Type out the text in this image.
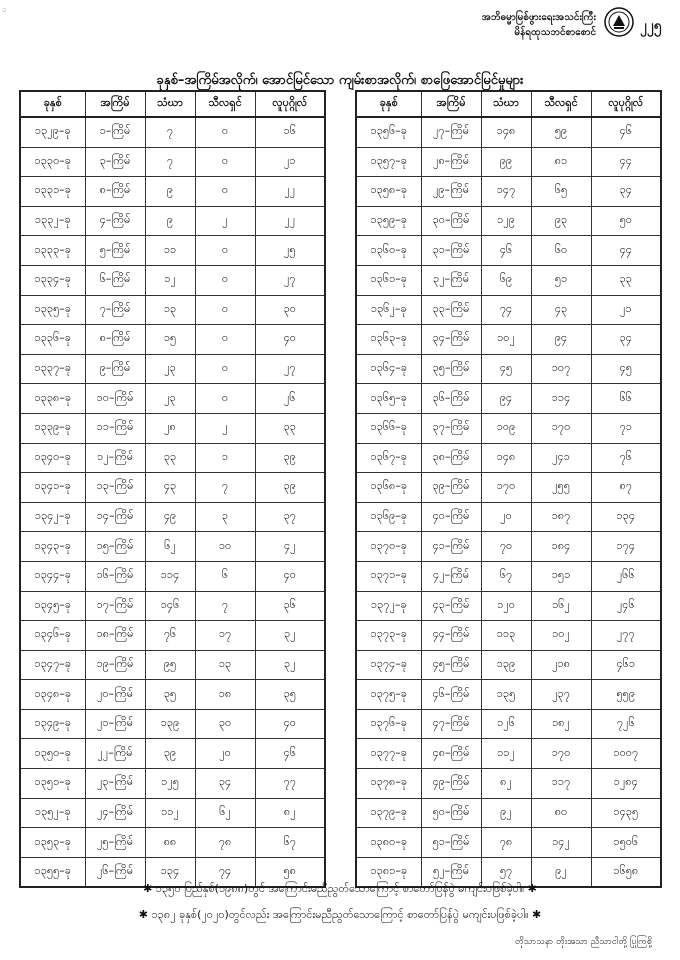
၁
အဘိဓမ္မာမြစ်ဖွားရေးအသင်းကြီး
မိန်ရထုသဘင်စာစောင်	၂၂၅
ခုနှစ်–အကြိမ်အလိုက်၊ အောင်မြင်သော ကျမ်းစာအလိုက်၊ စာဖြေအောင်မြင်မှုများ
ခုနှစ်	အကြိမ်	သံဃာ	သီလရှင်	လူပုဂ္ဂိုလ်
၁၃၂၉–ခု	၁–ကြိမ်	၇	၀	၁၆
၁၃၃၀–ခု	၃–ကြိမ်	၇	၀	၂၁
၁၃၃၁–ခု	၈–ကြိမ်	၉	၀	၂၂
၁၃၃၂–ခု	၄–ကြိမ်	၉	၂	၂၂
၁၃၃၃–ခု	၅–ကြိမ်	၁၁	၀	၂၅
၁၃၃၄–ခု	၆–ကြိမ်	၁၂	၀	၂၇
၁၃၃၅–ခု	၇–ကြိမ်	၁၃	၀	၃၀
၁၃၃၆–ခု	၈–ကြိမ်	၁၅	၀	၄၀
၁၃၃၇–ခု	၉–ကြိမ်	၂၃	၀	၂၇
၁၃၃၈–ခု	၁၀–ကြိမ်	၂၃	၀	၂၆
၁၃၃၉–ခု	၁၁–ကြိမ်	၂၈	၂	၃၃
၁၃၄၀–ခု	၁၂–ကြိမ်	၃၃	၁	၃၉
၁၃၄၁–ခု	၁၃–ကြိမ်	၄၃	၇	၃၉
၁၃၄၂–ခု	၁၄–ကြိမ်	၄၉	၃	၃၇
၁၃၄၃–ခု	၁၅–ကြိမ်	၆၂	၁၀	၄၂
၁၃၄၄–ခု	၁၆–ကြိမ်	၁၁၄	၆	၄၀
၁၃၄၅–ခု	၁၇–ကြိမ်	၁၄၆	၇	၃၆
၁၃၄၆–ခု	၁၈–ကြိမ်	၇၆	၁၇	၃၂
၁၃၄၇–ခု	၁၉–ကြိမ်	၉၅	၁၃	၃၂
၁၃၄၈–ခု	၂၀–ကြိမ်	၃၅	၁၈	၃၅
၁၃၄၉–ခု	၂၁–ကြိမ်	၁၃၉	၃၀	၄၀
၁၃၅၀–ခု	၂၂–ကြိမ်	၃၉	၂၀	၄၆
၁၃၅၁–ခု	၂၃–ကြိမ်	၁၂၅	၃၄	၇၇
၁၃၅၂–ခု	၂၄–ကြိမ်	၁၁၂	၆၂	၈၂
၁၃၅၃–ခု	၂၅–ကြိမ်	၈၈	၇၈	၆၇
၁၃၅၅–ခု	၂၆–ကြိမ်	၁၃၄	၇၄	၅၈
ခုနှစ်	အကြိမ်	သံဃာ	သီလရှင်	လူပုဂ္ဂိုလ်
၁၃၅၆–ခု	၂၇–ကြိမ်	၁၄၈	၅၉	၄၆
၁၃၅၇–ခု	၂၈–ကြိမ်	၉၉	၈၁	၄၄
၁၃၅၈–ခု	၂၉–ကြိမ်	၁၄၇	၆၅	၃၄
၁၃၅၉–ခု	၃၀–ကြိမ်	၁၂၉	၉၃	၅၀
၁၃၆၀–ခု	၃၁–ကြိမ်	၄၆	၆၀	၄၄
၁၃၆၁–ခု	၃၂–ကြိမ်	၆၉	၅၁	၃၃
၁၃၆၂–ခု	၃၃–ကြိမ်	၇၄	၄၃	၂၁
၁၃၆၃–ခု	၃၄–ကြိမ်	၁၀၂	၉၄	၃၄
၁၃၆၄–ခု	၃၅–ကြိမ်	၄၅	၁၀၇	၄၅
၁၃၆၅–ခု	၃၆–ကြိမ်	၉၄	၁၁၄	၆၆
၁၃၆၆–ခု	၃၇–ကြိမ်	၁၀၉	၁၇၀	၇၁
၁၃၆၇–ခု	၃၈–ကြိမ်	၁၄၈	၂၄၁	၇၆
၁၃၆၈–ခု	၃၉–ကြိမ်	၁၇၀	၂၅၅	၈၇
၁၃၆၉–ခု	၄၀–ကြိမ်	၂၀	၁၈၇	၁၃၄
၁၃၇၀–ခု	၄၁–ကြိမ်	၇၀	၁၈၄	၁၇၄
၁၃၇၁–ခု	၄၂–ကြိမ်	၆၇	၁၅၁	၂၆၆
၁၃၇၂–ခု	၄၃–ကြိမ်	၁၂၀	၁၆၂	၂၄၆
၁၃၇၃–ခု	၄၄–ကြိမ်	၁၁၃	၁၀၂	၂၇၇
၁၃၇၄–ခု	၄၅–ကြိမ်	၁၃၉	၂၁၈	၄၆၁
၁၃၇၅–ခု	၄၆–ကြိမ်	၁၃၅	၂၃၇	၅၅၉
၁၃၇၆–ခု	၄၇–ကြိမ်	၁၂၆	၁၈၂	၇၂၆
၁၃၇၇–ခု	၄၈–ကြိမ်	၁၁၂	၁၇၀	၁၀၀၇
၁၃၇၈–ခု	၄၉–ကြိမ်	၈၂	၁၁၇	၁၂၈၄
၁၃၇၉–ခု	၅၀–ကြိမ်	၉၂	၈၀	၁၄၃၅
၁၃၈၀–ခု	၅၁–ကြိမ်	၇၈	၁၄၂	၁၅၀၆
၁၃၈၁–ခု	၅၂–ကြိမ်	၅၇	၉၂	၁၆၅၈
✱ ၁၃၅၀ ပြည်နှစ်(၁၉၈၈)တွင် အကြောင်းမညီညွတ်သောကြောင့် စာတော်ပြန်ပွဲ မကျင်းပဖြစ်ခဲ့ပါ။ ✱
✱ ၁၃၈၂ ခုနှစ်(၂၀၂၀)တွင်လည်း အကြောင်းမညီညွတ်သောကြောင့် စာတော်ပြန်ပွဲ မကျင်းပဖြစ်ခဲ့ပါ။ ✱
တိုသာသနာ တိုးအသာ ညီသာငါတို့ ပြုကြစို့
